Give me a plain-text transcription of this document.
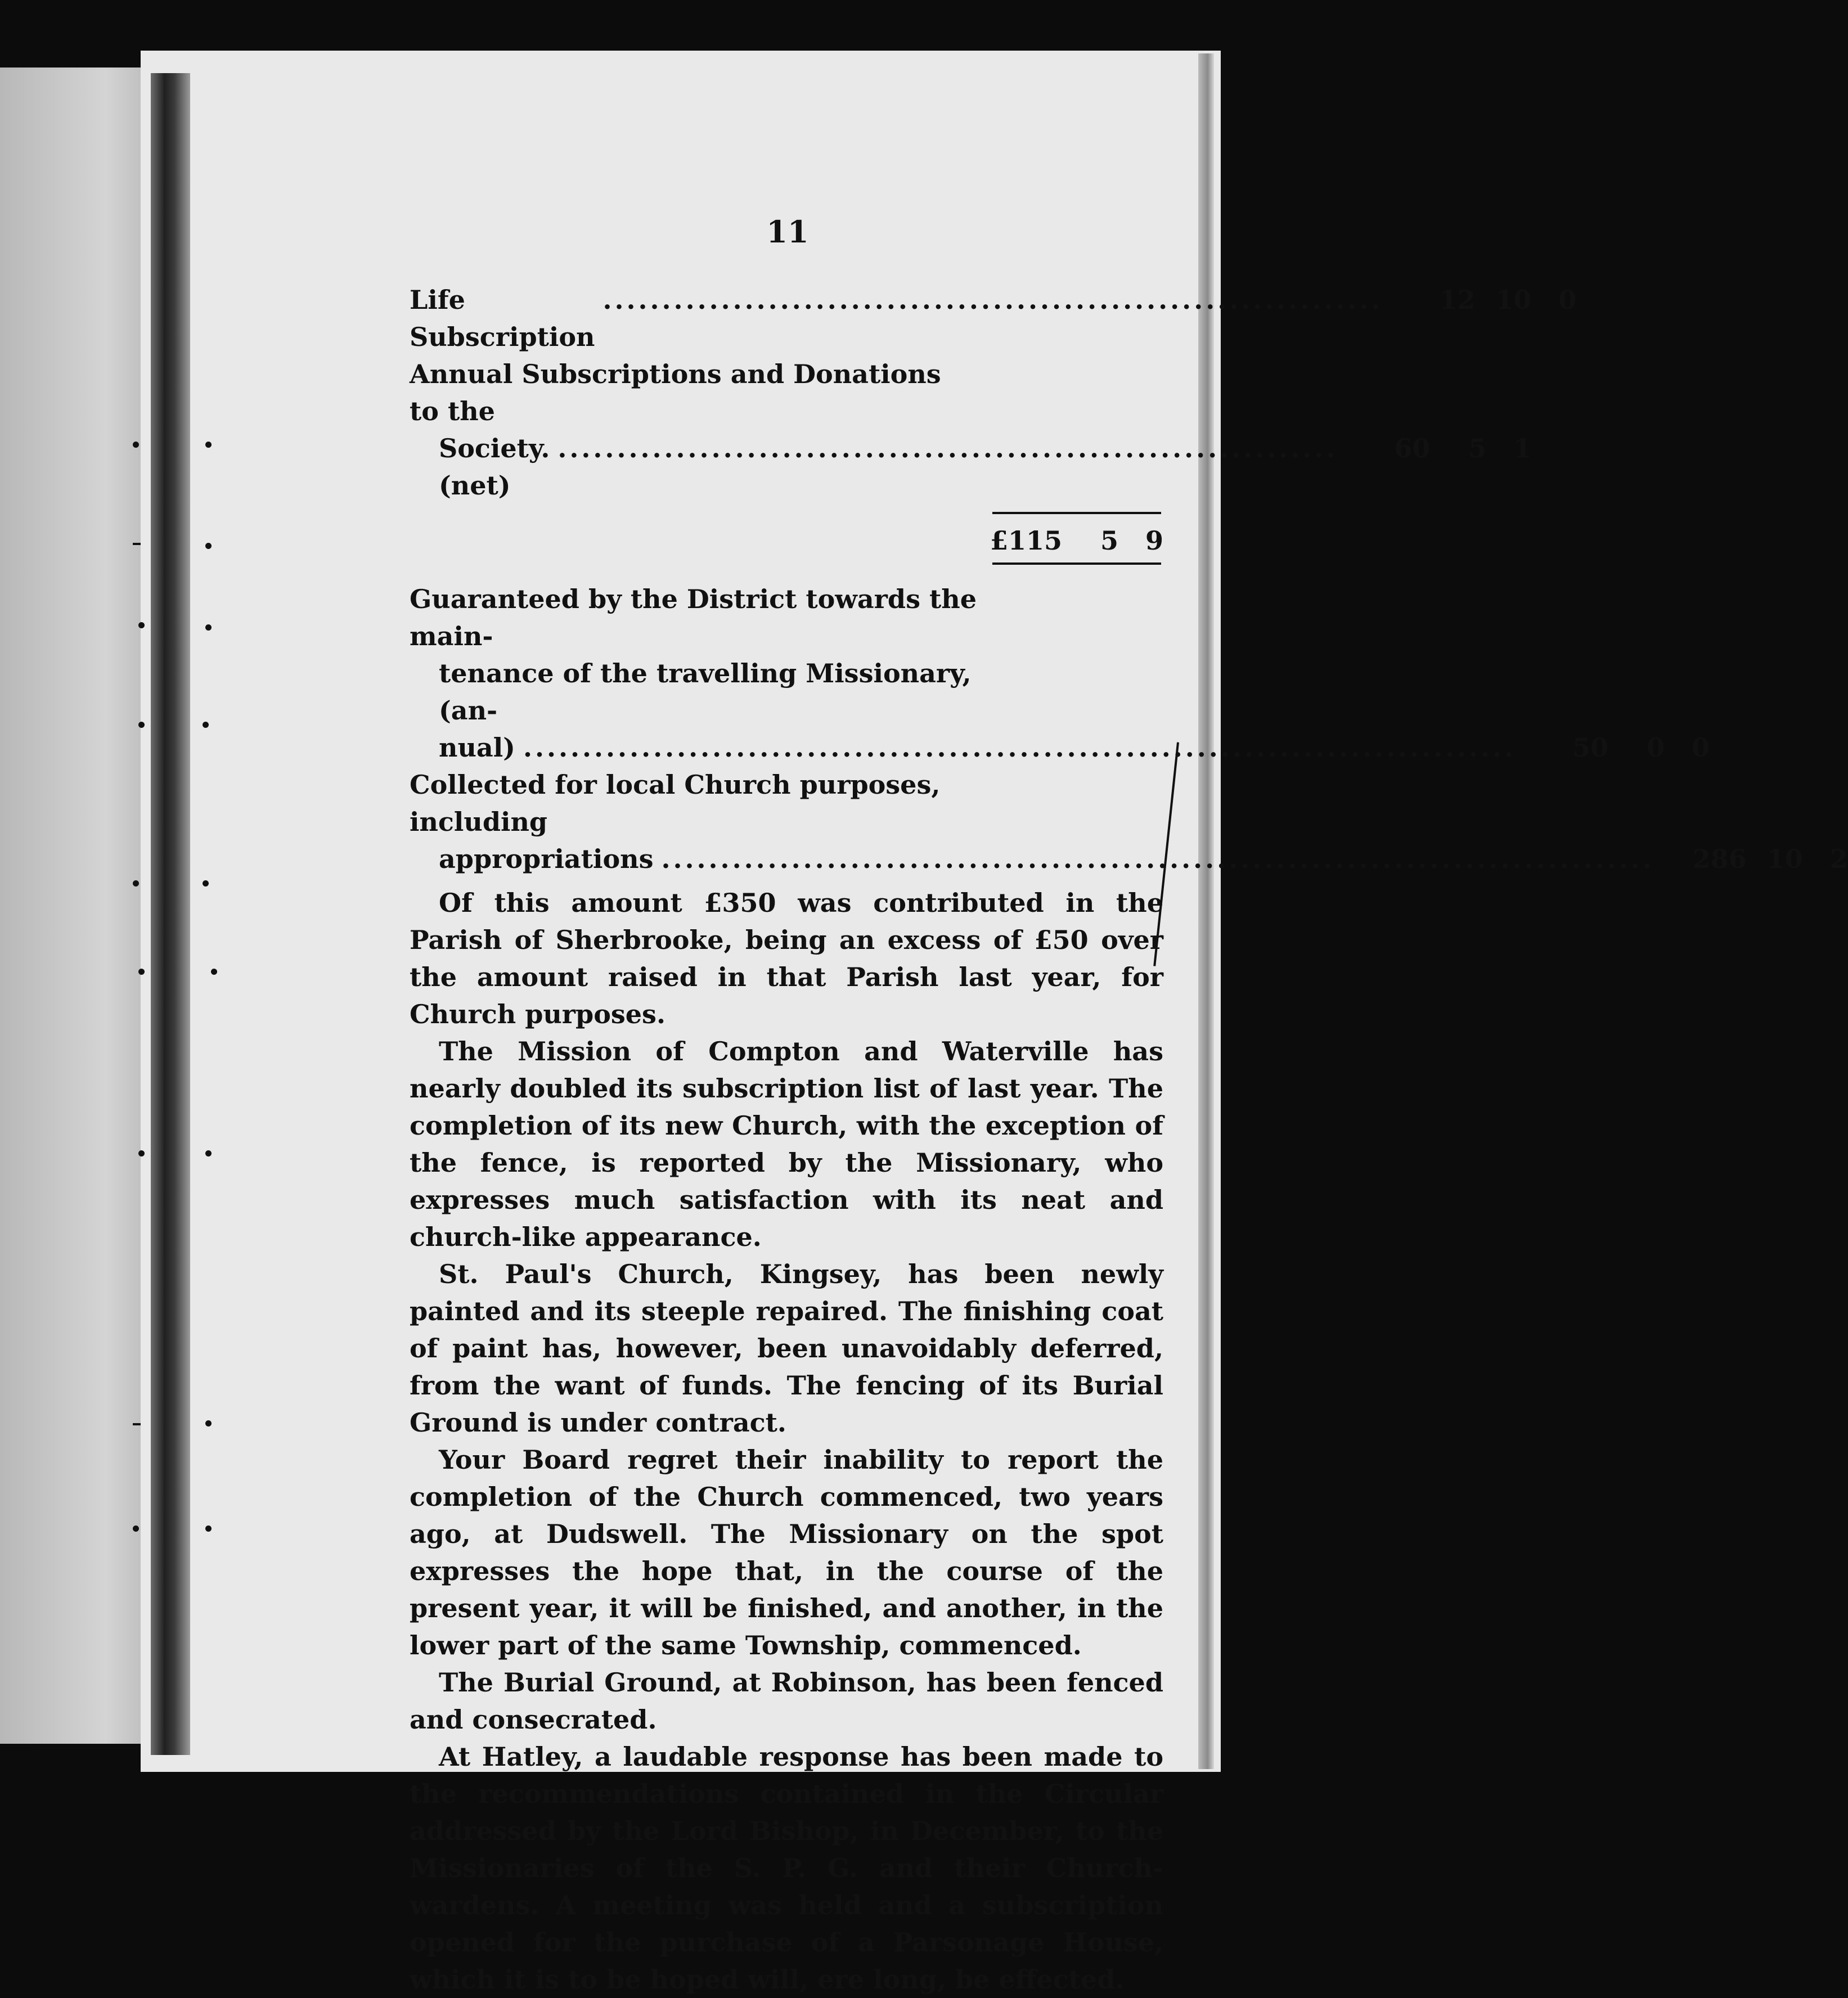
11
Life Subscription
..................................................................	12 10	0
Annual Subscriptions and Donations to the
Society. (net)
..................................................................	60	5	1
£115	5	9
Guaranteed by the District towards the main-
tenance of the travelling Missionary, (an-
nual) ....................................................................................	50	0	0
Collected for local Church purposes, including
appropriations ....................................................................................	286 10	2

Of this amount £350 was contributed in the Parish of Sherbrooke, being an excess of £50 over the amount raised in that Parish last year, for Church purposes.

The Mission of Compton and Waterville has nearly doubled its subscription list of last year. The completion of its new Church, with the exception of the fence, is reported by the Missionary, who expresses much satisfaction with its neat and church-like appearance.

St. Paul's Church, Kingsey, has been newly painted and its steeple repaired. The finishing coat of paint has, however, been unavoidably deferred, from the want of funds. The fencing of its Burial Ground is under contract.

Your Board regret their inability to report the completion of the Church commenced, two years ago, at Dudswell. The Missionary on the spot expresses the hope that, in the course of the present year, it will be finished, and another, in the lower part of the same Township, commenced.

The Burial Ground, at Robinson, has been fenced and consecrated.

At Hatley, a laudable response has been made to the recommendations contained in the Circular addressed by the Lord Bishop, in December, to the Missionaries of the S. P. G. and their Church-wardens. A meeting was held and a subscription opened for the purchase of a Parsonage House, which it is to be hoped will, ere long, be effected.
